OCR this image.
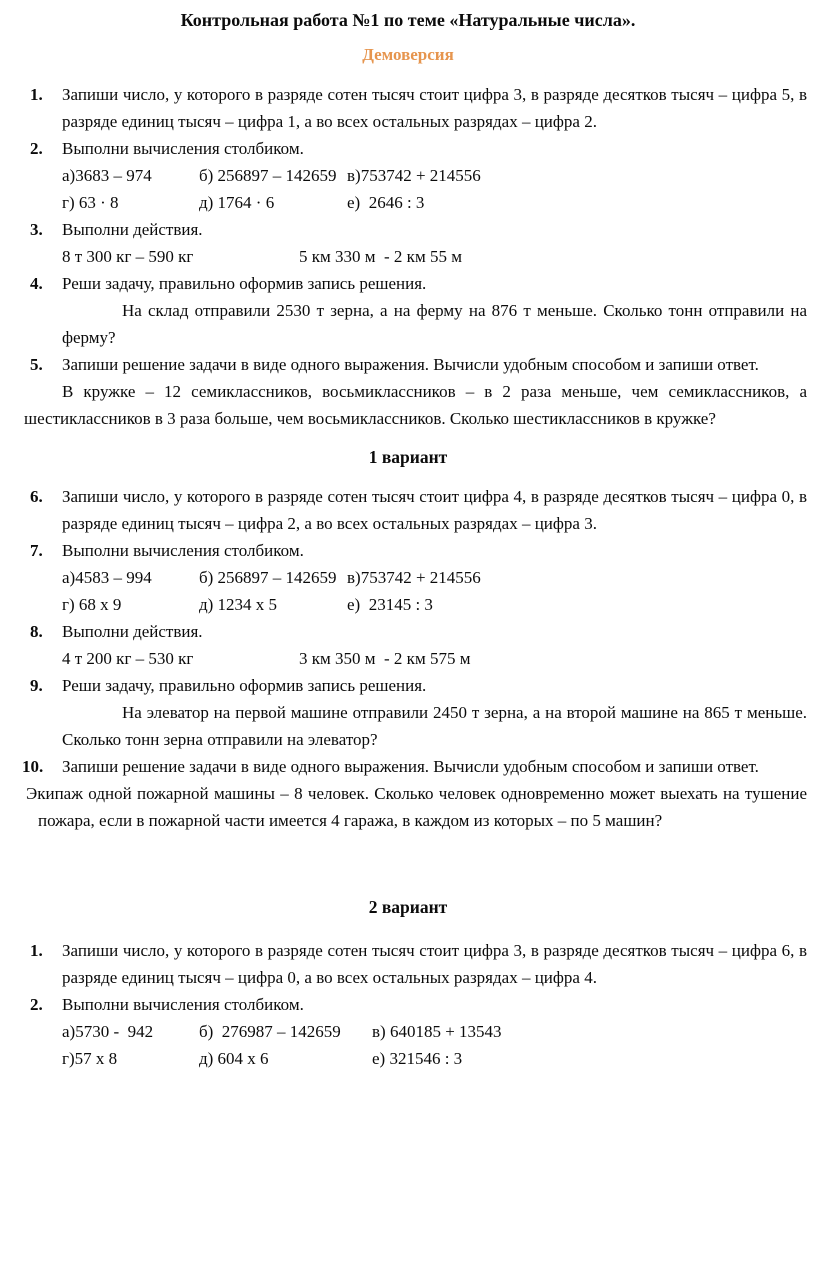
Контрольная работа №1 по теме «Натуральные числа».

Демоверсия

1. Запиши число, у которого в разряде сотен тысяч стоит цифра 3, в разряде десятков тысяч – цифра 5, в разряде единиц тысяч – цифра 1, а во всех остальных разрядах – цифра 2.

2. Выполни вычисления столбиком.

а)3683 – 974	б) 256897 – 142659 в)753742 + 214556
г) 63 · 8	д) 1764 · 6	е)  2646 : 3
3. Выполни действия.

8 т 300 кг – 590 кг	5 км 330 м  - 2 км 55 м
4. Реши задачу, правильно оформив запись решения.

На склад отправили 2530 т зерна, а на ферму на 876 т меньше. Сколько тонн отправили на ферму?

5. Запиши решение задачи в виде одного выражения. Вычисли удобным способом и запиши ответ.

В кружке – 12 семиклассников, восьмиклассников – в 2 раза меньше, чем семиклассников, а шестиклассников в 3 раза больше, чем восьмиклассников. Сколько шестиклассников в кружке?

1 вариант

6. Запиши число, у которого в разряде сотен тысяч стоит цифра 4, в разряде десятков тысяч – цифра 0, в разряде единиц тысяч – цифра 2, а во всех остальных разрядах – цифра 3.

7. Выполни вычисления столбиком.

а)4583 – 994	б) 256897 – 142659 в)753742 + 214556
г) 68 х 9	д) 1234 х 5	е)  23145 : 3
8. Выполни действия.

4 т 200 кг – 530 кг	3 км 350 м  - 2 км 575 м
9. Реши задачу, правильно оформив запись решения.

На элеватор на первой машине отправили 2450 т зерна, а на второй машине на 865 т меньше. Сколько тонн зерна отправили на элеватор?

10. Запиши решение задачи в виде одного выражения. Вычисли удобным способом и запиши ответ.

Экипаж одной пожарной машины – 8 человек. Сколько человек одновременно может выехать на тушение пожара, если в пожарной части имеется 4 гаража, в каждом из которых – по 5 машин?

2 вариант

1. Запиши число, у которого в разряде сотен тысяч стоит цифра 3, в разряде десятков тысяч – цифра 6, в разряде единиц тысяч – цифра 0, а во всех остальных разрядах – цифра 4.

2. Выполни вычисления столбиком.

а)5730 -  942	б)  276987 – 142659 в) 640185 + 13543
г)57 х 8	д) 604 х 6	е) 321546 : 3
